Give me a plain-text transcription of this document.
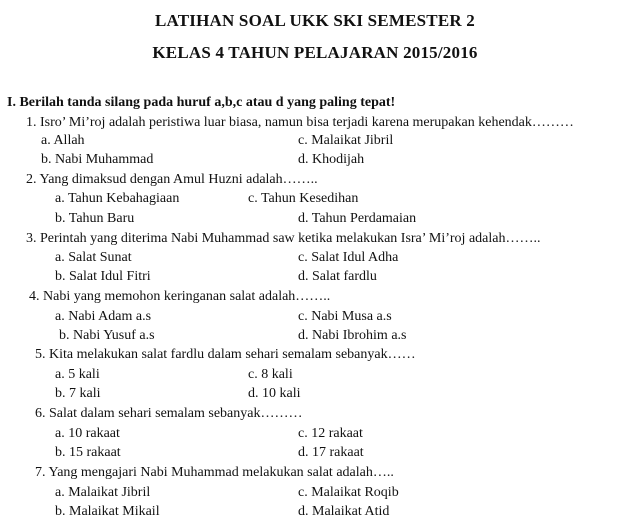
LATIHAN SOAL UKK SKI SEMESTER 2
KELAS 4 TAHUN PELAJARAN 2015/2016
I. Berilah tanda silang pada huruf a,b,c atau d yang paling tepat!
1. Isro’ Mi’roj adalah peristiwa luar biasa, namun bisa terjadi karena merupakan kehendak………
a. Allah	c. Malaikat Jibril
b. Nabi Muhammad	d. Khodijah
2. Yang dimaksud dengan Amul Huzni adalah……..
a. Tahun Kebahagiaan	c. Tahun Kesedihan
b. Tahun Baru	d. Tahun Perdamaian
3. Perintah yang diterima Nabi Muhammad saw ketika melakukan Isra’ Mi’roj adalah……..
a. Salat Sunat	c. Salat Idul Adha
b. Salat Idul Fitri	d. Salat fardlu
4. Nabi yang memohon keringanan salat adalah……..
a. Nabi Adam a.s	c. Nabi Musa a.s
b. Nabi Yusuf a.s	d. Nabi Ibrohim a.s
5. Kita melakukan salat fardlu dalam sehari semalam sebanyak……
a. 5 kali	c. 8 kali
b. 7 kali	d. 10 kali
6. Salat dalam sehari semalam sebanyak………
a. 10 rakaat	c. 12 rakaat
b. 15 rakaat	d. 17 rakaat
7. Yang mengajari Nabi Muhammad melakukan salat adalah…..
a. Malaikat Jibril	c. Malaikat Roqib
b. Malaikat Mikail	d. Malaikat Atid
